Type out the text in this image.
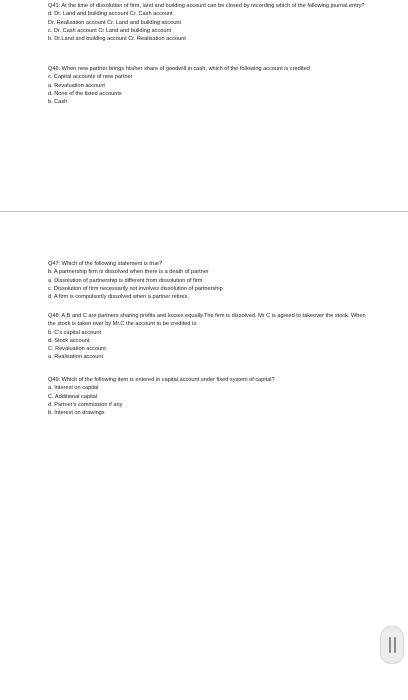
Q41: At the time of dissolution of firm, land and building account can be closed by recording which of the following journal entry?

d. Dr. Land and building account Cr. Cash account

Dr. Realisation account Cr. Land and building account

c. Dr. Cash account Cr Land and building account

b. Dr.Land and building account Cr. Realisation account

Q46: When new partner brings his/her share of goodwill in cash, which of the following account is credited

c. Capital accounts of new partner

a. Revaluation account

d. None of the listed accounts

b. Cash

Q47: Which of the following statement is true?

b. A partnership firm is dissolved when there is a death of partner

a. Dissolution of partnership is different from dissolution of firm

c. Dissolution of firm necessarily not involves dissolution of partnership

d. A firm is compulsorily dissolved when a partner retires.

Q48: A,B and C are partners sharing profits and losses equally.The firm is dissolved. Mr C is agreed to takeover the stock. When the stock is taken over by Mr.C the account to be credited is:

b. C's capital account

d. Stock account

C. Revaluation account

a. Realisation account

Q49: Which of the following item is entered in capital account under fixed system of capital?

a. Interest on capital

C. Additional capital

d. Partner's commission if any

b. Interest on drawings
